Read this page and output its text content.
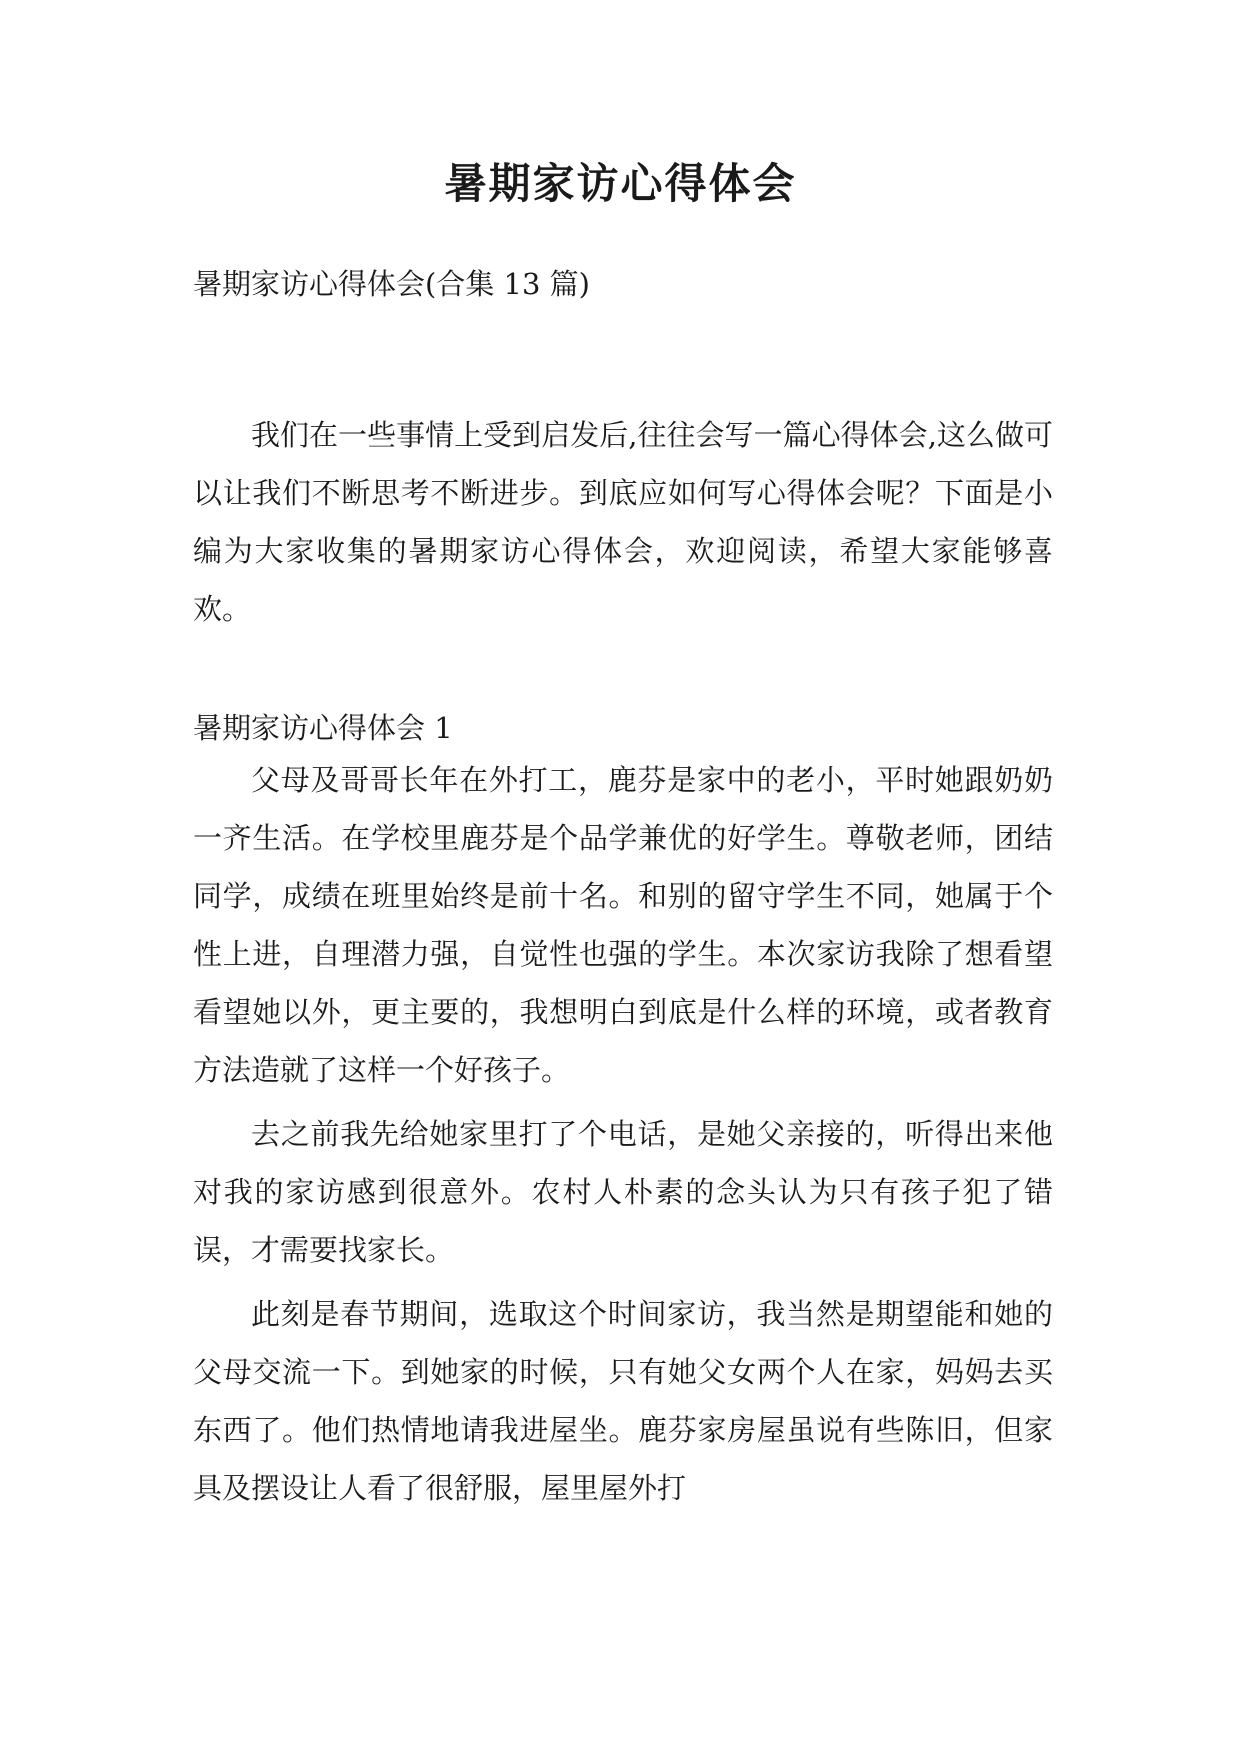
暑期家访心得体会
暑期家访心得体会(合集 13 篇)

我们在一些事情上受到启发后,往往会写一篇心得体会,这么做可以让我们不断思考不断进步。到底应如何写心得体会呢？下面是小编为大家收集的暑期家访心得体会，欢迎阅读，希望大家能够喜欢。

暑期家访心得体会 1

父母及哥哥长年在外打工，鹿芬是家中的老小，平时她跟奶奶一齐生活。在学校里鹿芬是个品学兼优的好学生。尊敬老师，团结同学，成绩在班里始终是前十名。和别的留守学生不同，她属于个性上进，自理潜力强，自觉性也强的学生。本次家访我除了想看望看望她以外，更主要的，我想明白到底是什么样的环境，或者教育方法造就了这样一个好孩子。

去之前我先给她家里打了个电话，是她父亲接的，听得出来他对我的家访感到很意外。农村人朴素的念头认为只有孩子犯了错误，才需要找家长。

此刻是春节期间，选取这个时间家访，我当然是期望能和她的父母交流一下。到她家的时候，只有她父女两个人在家，妈妈去买东西了。他们热情地请我进屋坐。鹿芬家房屋虽说有些陈旧，但家具及摆设让人看了很舒服，屋里屋外打
